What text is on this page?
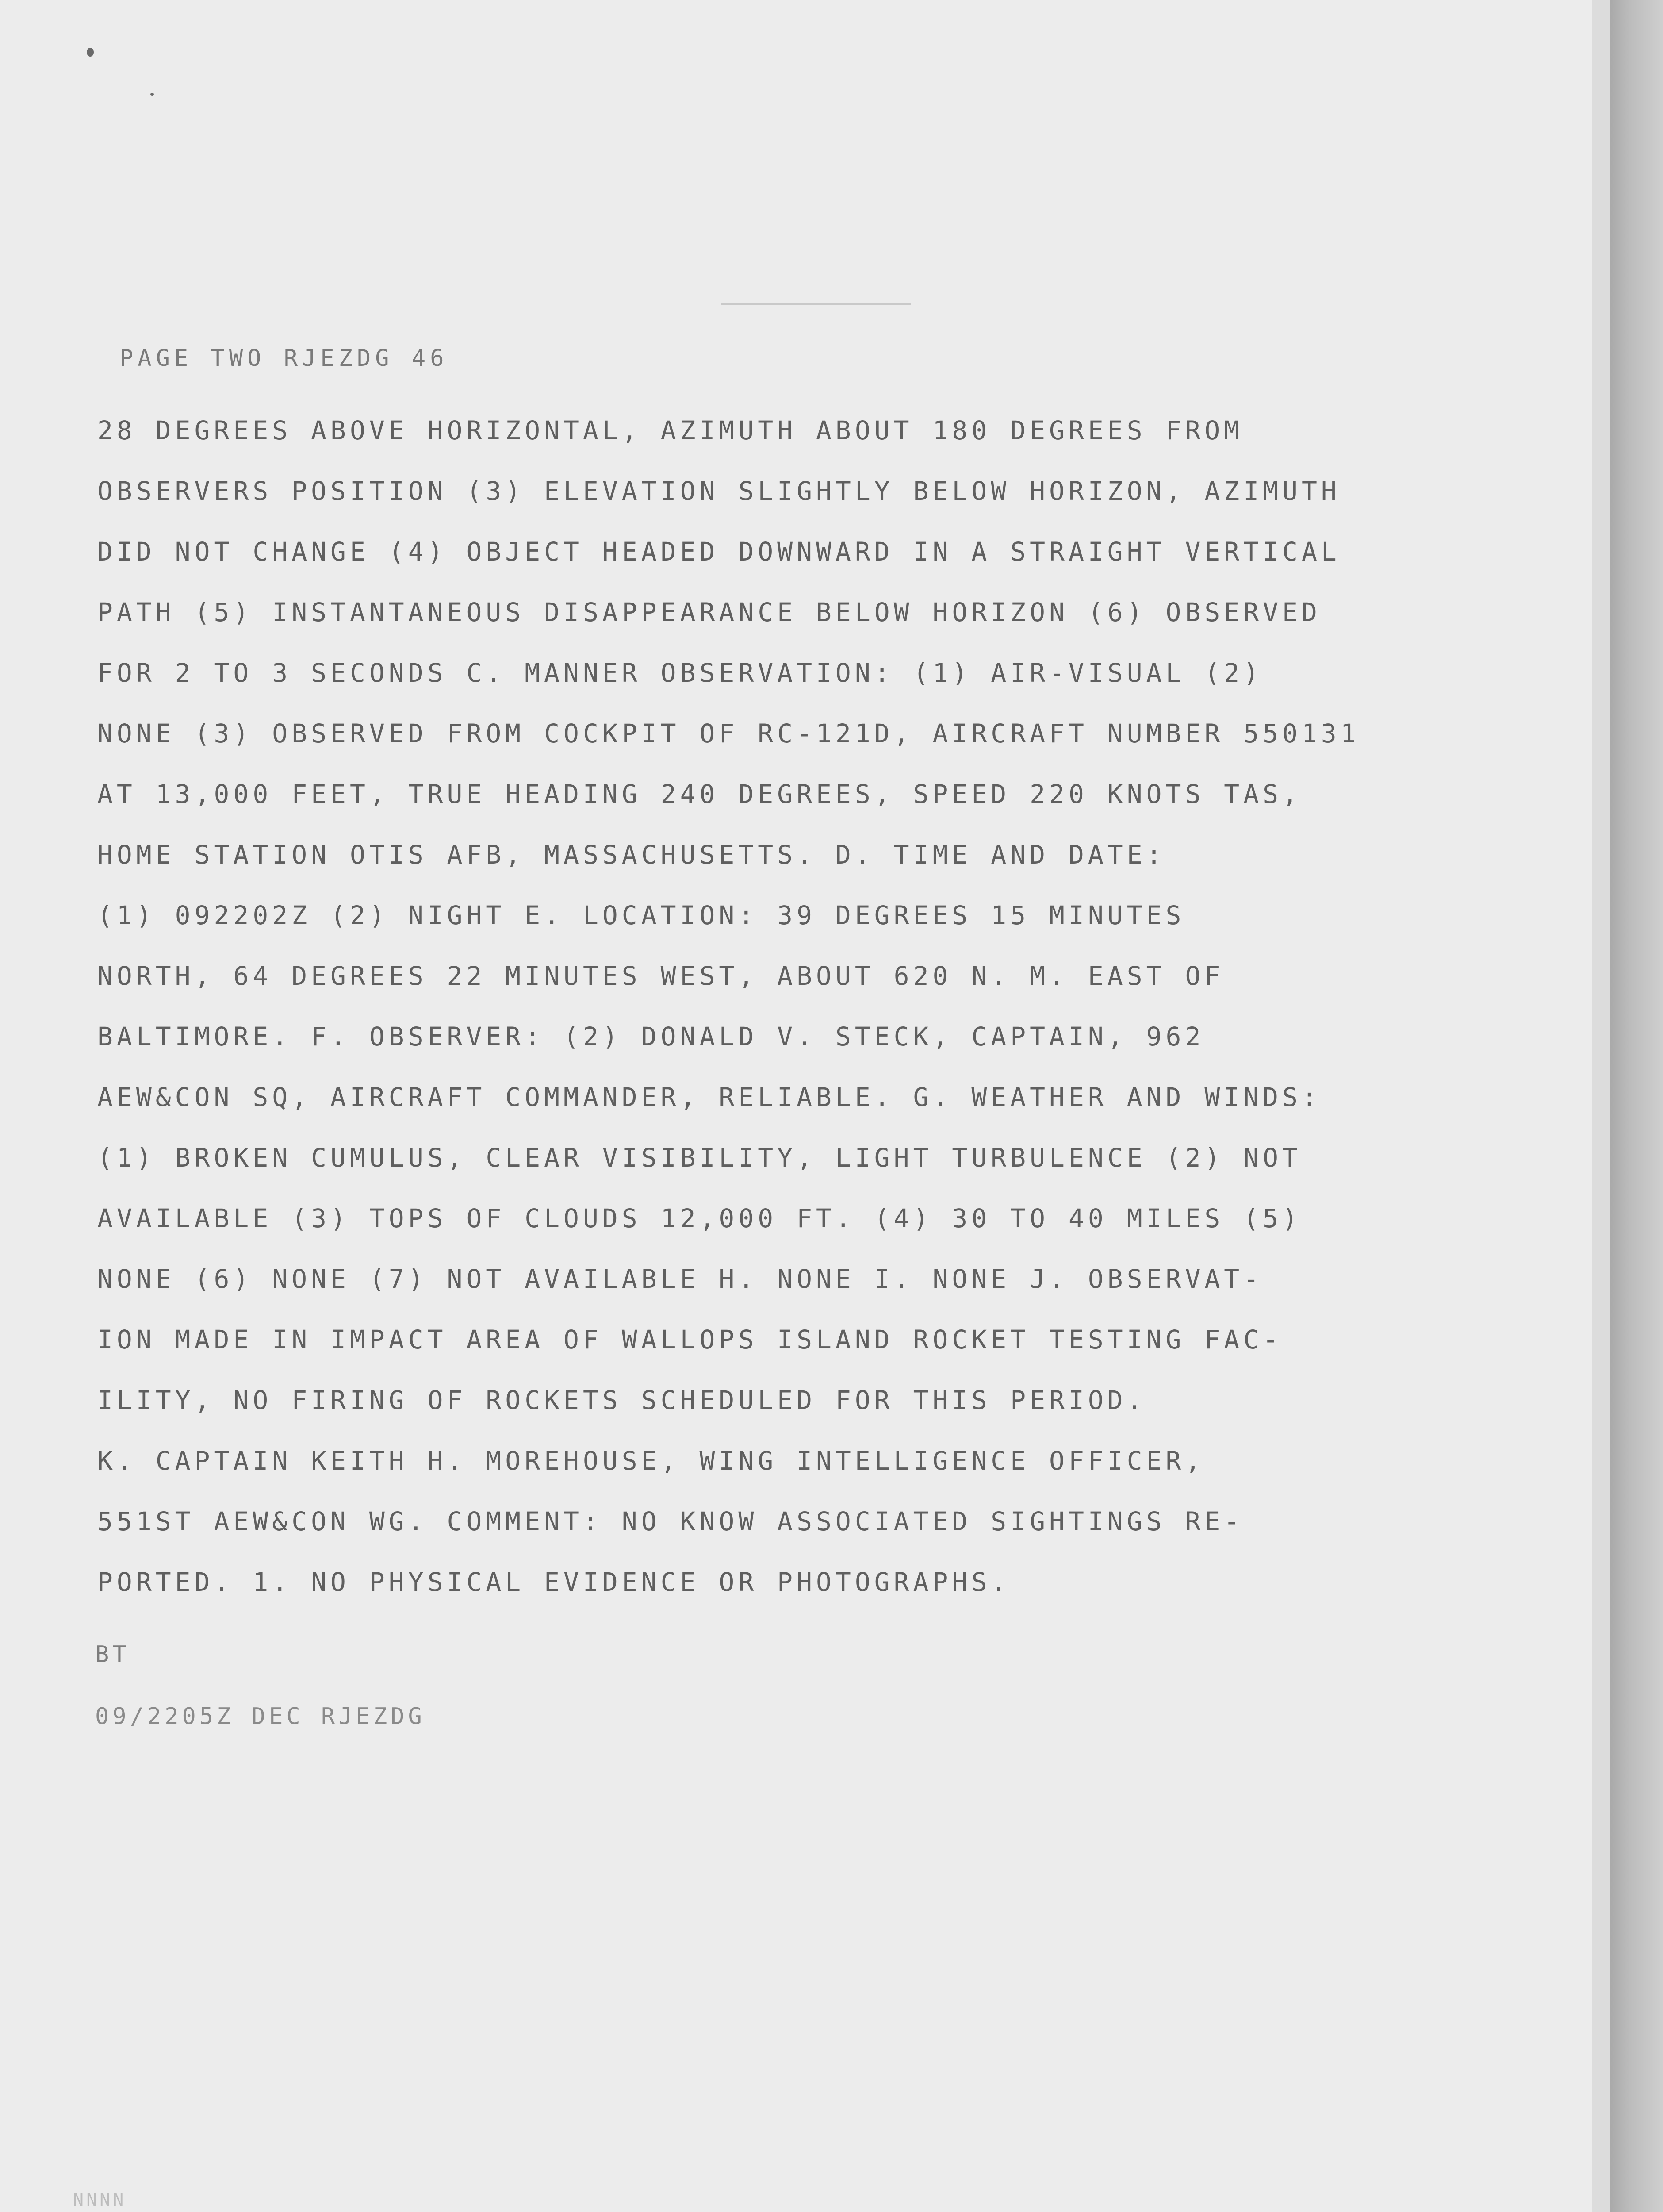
PAGE TWO RJEZDG 46
28 DEGREES ABOVE HORIZONTAL, AZIMUTH ABOUT 180 DEGREES FROM
OBSERVERS POSITION (3) ELEVATION SLIGHTLY BELOW HORIZON, AZIMUTH
DID NOT CHANGE (4) OBJECT HEADED DOWNWARD IN A STRAIGHT VERTICAL
PATH (5) INSTANTANEOUS DISAPPEARANCE BELOW HORIZON (6) OBSERVED
FOR 2 TO 3 SECONDS C. MANNER OBSERVATION: (1) AIR-VISUAL (2)
NONE (3) OBSERVED FROM COCKPIT OF RC-121D, AIRCRAFT NUMBER 550131
AT 13,000 FEET, TRUE HEADING 240 DEGREES, SPEED 220 KNOTS TAS,
HOME STATION OTIS AFB, MASSACHUSETTS. D. TIME AND DATE:
(1) 092202Z (2) NIGHT E. LOCATION: 39 DEGREES 15 MINUTES
NORTH, 64 DEGREES 22 MINUTES WEST, ABOUT 620 N. M. EAST OF
BALTIMORE. F. OBSERVER: (2) DONALD V. STECK, CAPTAIN, 962
AEW&CON SQ, AIRCRAFT COMMANDER, RELIABLE. G. WEATHER AND WINDS:
(1) BROKEN CUMULUS, CLEAR VISIBILITY, LIGHT TURBULENCE (2) NOT
AVAILABLE (3) TOPS OF CLOUDS 12,000 FT. (4) 30 TO 40 MILES (5)
NONE (6) NONE (7) NOT AVAILABLE H. NONE I. NONE J. OBSERVAT-
ION MADE IN IMPACT AREA OF WALLOPS ISLAND ROCKET TESTING FAC-
ILITY, NO FIRING OF ROCKETS SCHEDULED FOR THIS PERIOD.
K. CAPTAIN KEITH H. MOREHOUSE, WING INTELLIGENCE OFFICER,
551ST AEW&CON WG. COMMENT: NO KNOW ASSOCIATED SIGHTINGS RE-
PORTED. 1. NO PHYSICAL EVIDENCE OR PHOTOGRAPHS.
BT
09/2205Z DEC RJEZDG
NNNN
